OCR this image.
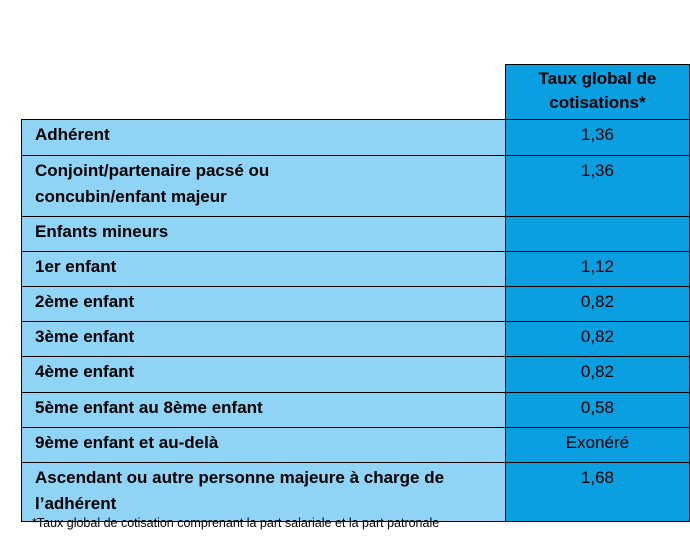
	Taux global de cotisations*
Adhérent	1,36
Conjoint/partenaire pacsé ou concubin/enfant majeur	1,36
Enfants mineurs	
1er enfant	1,12
2ème enfant	0,82
3ème enfant	0,82
4ème enfant	0,82
5ème enfant au 8ème enfant	0,58
9ème enfant et au-delà	Exonéré
Ascendant ou autre personne majeure à charge de l’adhérent	1,68
*Taux global de cotisation comprenant la part salariale et la part patronale
